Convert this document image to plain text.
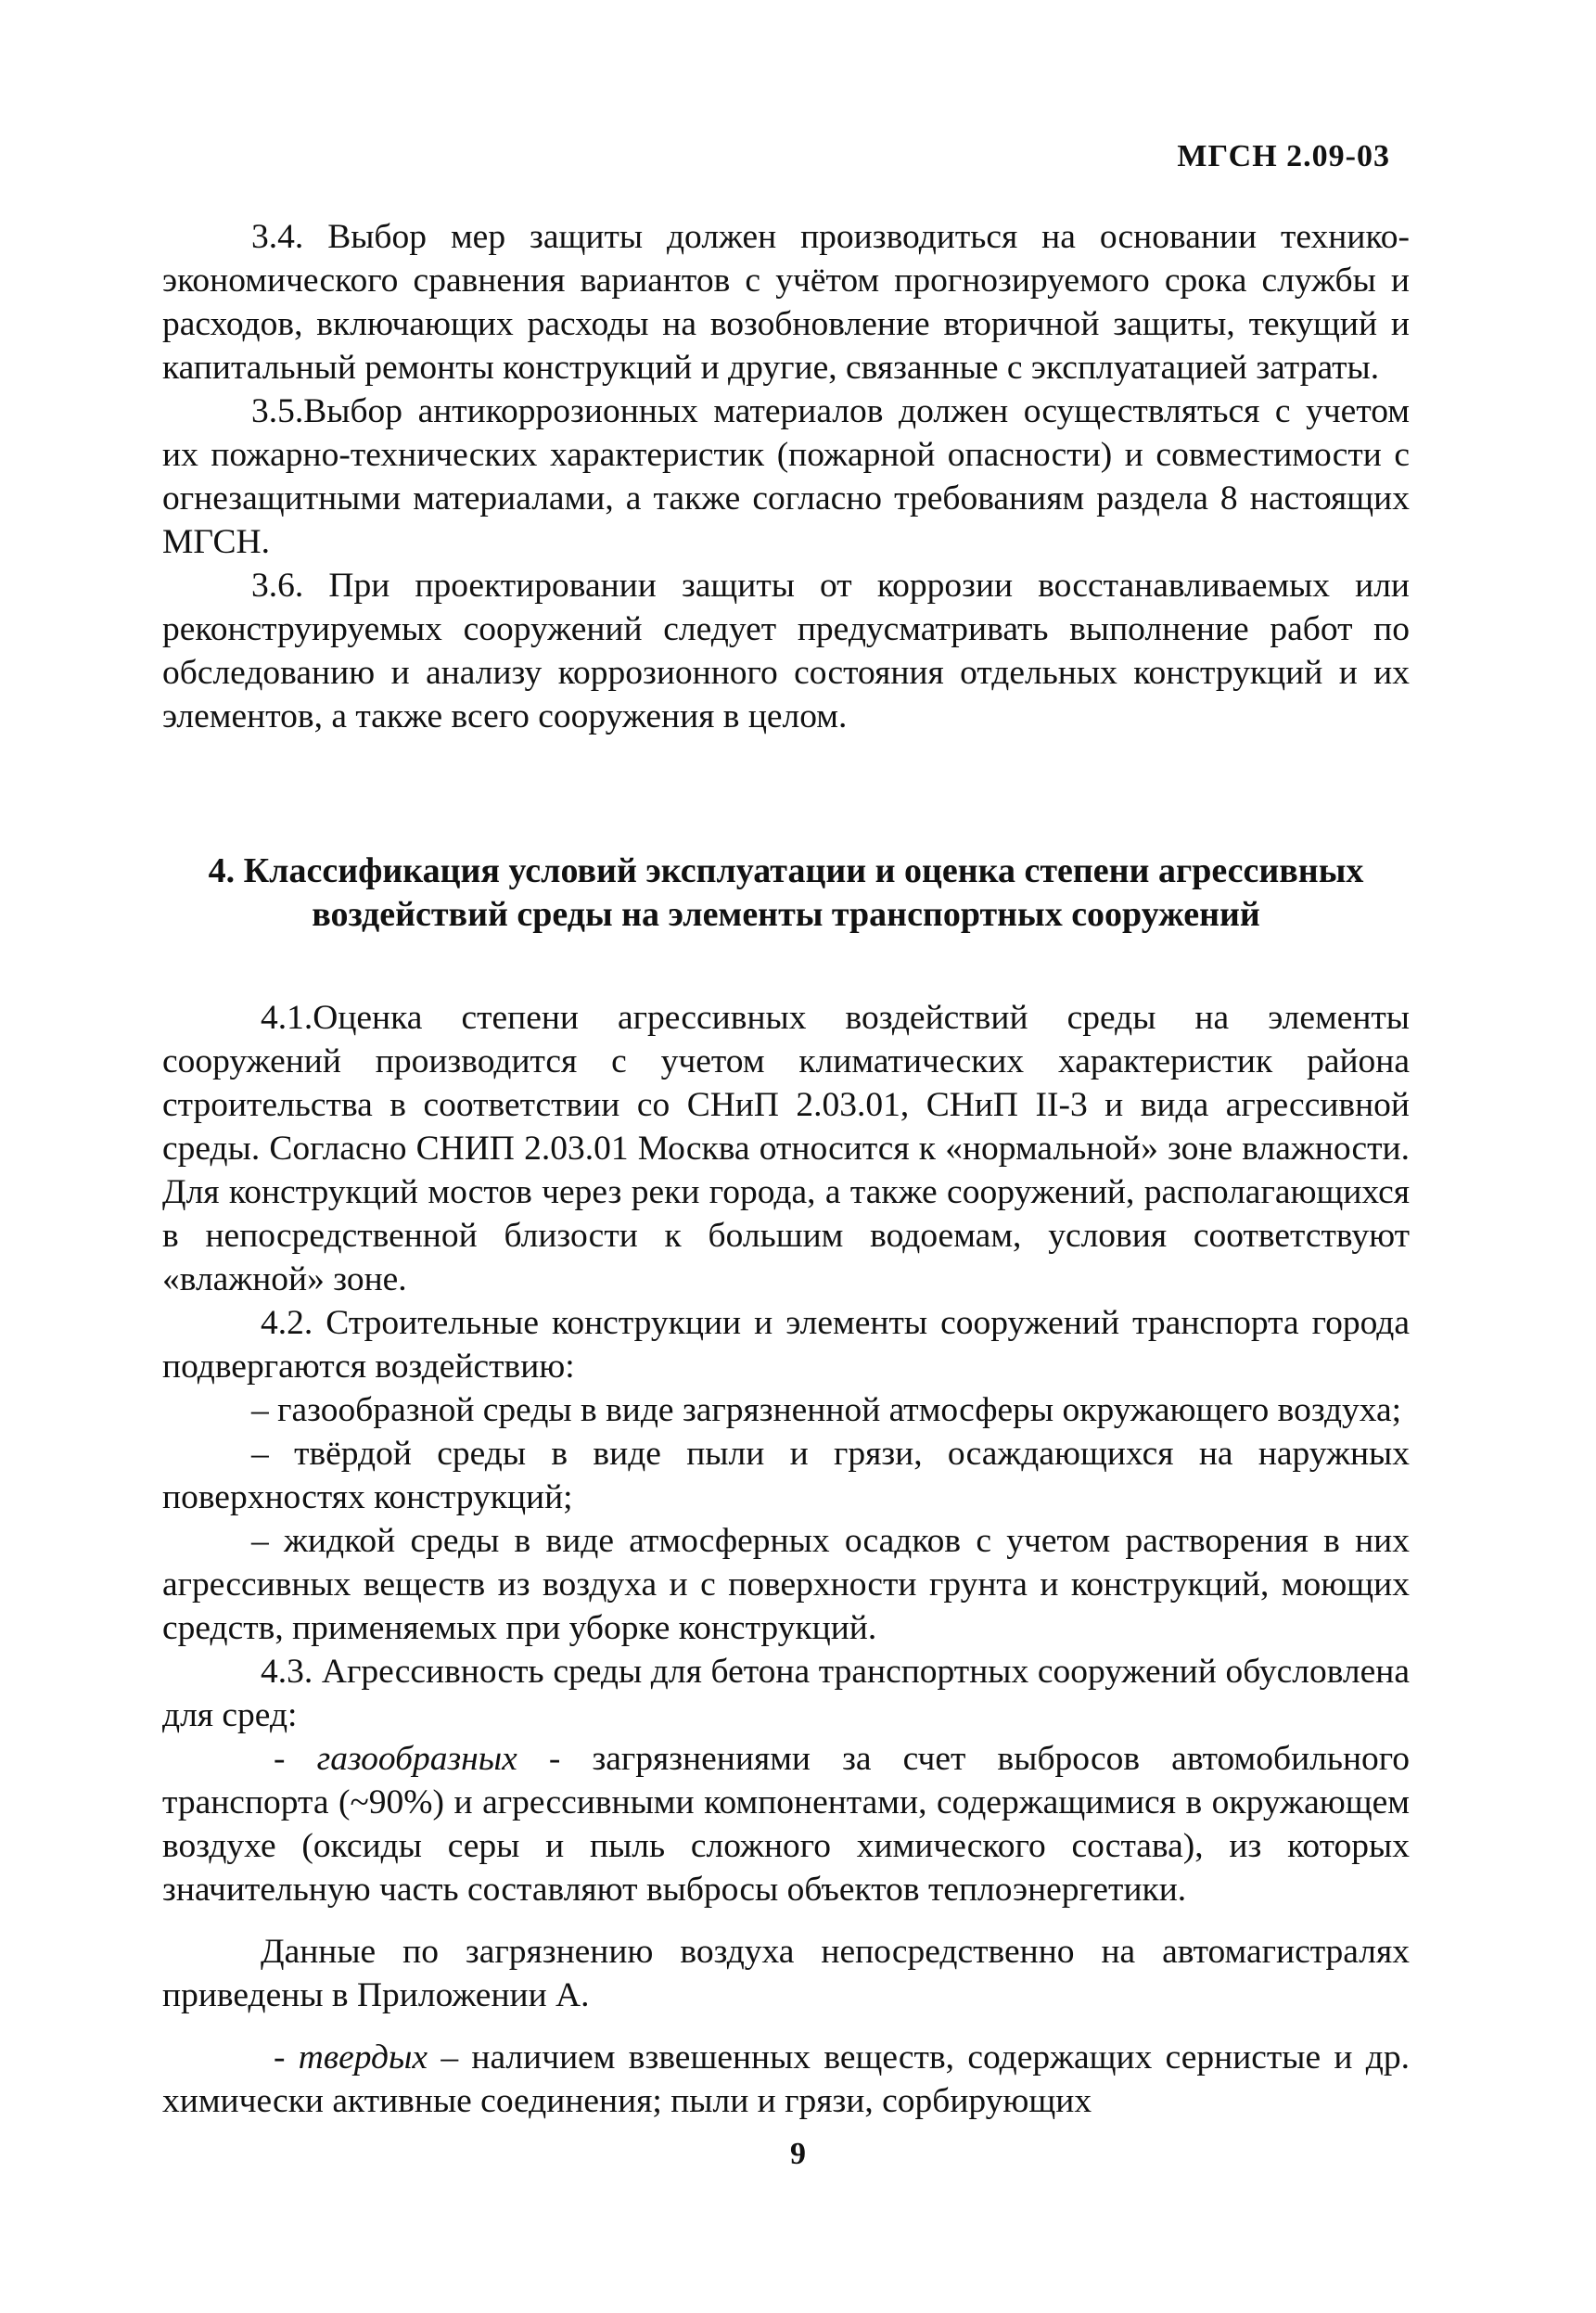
МГСН 2.09-03

3.4. Выбор мер защиты должен производиться на основании технико-экономического сравнения вариантов с учётом прогнозируемого срока службы и расходов, включающих расходы на возобновление вторичной защиты, текущий и капитальный ремонты конструкций и другие, связанные с эксплуатацией затраты.

3.5.Выбор антикоррозионных материалов должен осуществляться с учетом их пожарно-технических характеристик (пожарной опасности) и совместимости с огнезащитными материалами, а также согласно требованиям раздела 8 настоящих МГСН.

3.6. При проектировании защиты от коррозии восстанавливаемых или реконструируемых сооружений следует предусматривать выполнение работ по обследованию и анализу коррозионного состояния отдельных конструкций и их элементов, а также всего сооружения в целом.

4. Классификация условий эксплуатации и оценка степени агрессивных воздействий среды на элементы транспортных сооружений

4.1.Оценка степени агрессивных воздействий среды на элементы сооружений производится с учетом климатических характеристик района строительства в соответствии со СНиП 2.03.01, СНиП II-3 и вида агрессивной среды. Согласно СНИП 2.03.01 Москва относится к «нормальной» зоне влажности. Для конструкций мостов через реки города, а также сооружений, располагающихся в непосредственной близости к большим водоемам, условия соответствуют «влажной» зоне.

4.2. Строительные конструкции и элементы сооружений транспорта города подвергаются воздействию:

– газообразной среды в виде загрязненной атмосферы окружающего воздуха;

– твёрдой среды в виде пыли и грязи, осаждающихся на наружных поверхностях конструкций;

– жидкой среды в виде атмосферных осадков с учетом растворения в них агрессивных веществ из воздуха и с поверхности грунта и конструкций, моющих средств, применяемых при уборке конструкций.

4.3. Агрессивность среды для бетона транспортных сооружений обусловлена для сред:

- газообразных - загрязнениями за счет выбросов автомобильного транспорта (~90%) и агрессивными компонентами, содержащимися в окружающем воздухе (оксиды серы и пыль сложного химического состава), из которых значительную часть составляют выбросы объектов теплоэнергетики.

Данные по загрязнению воздуха непосредственно на автомагистралях приведены в Приложении А.

- твердых – наличием взвешенных веществ, содержащих сернистые и др. химически активные соединения; пыли и грязи, сорбирующих

9
